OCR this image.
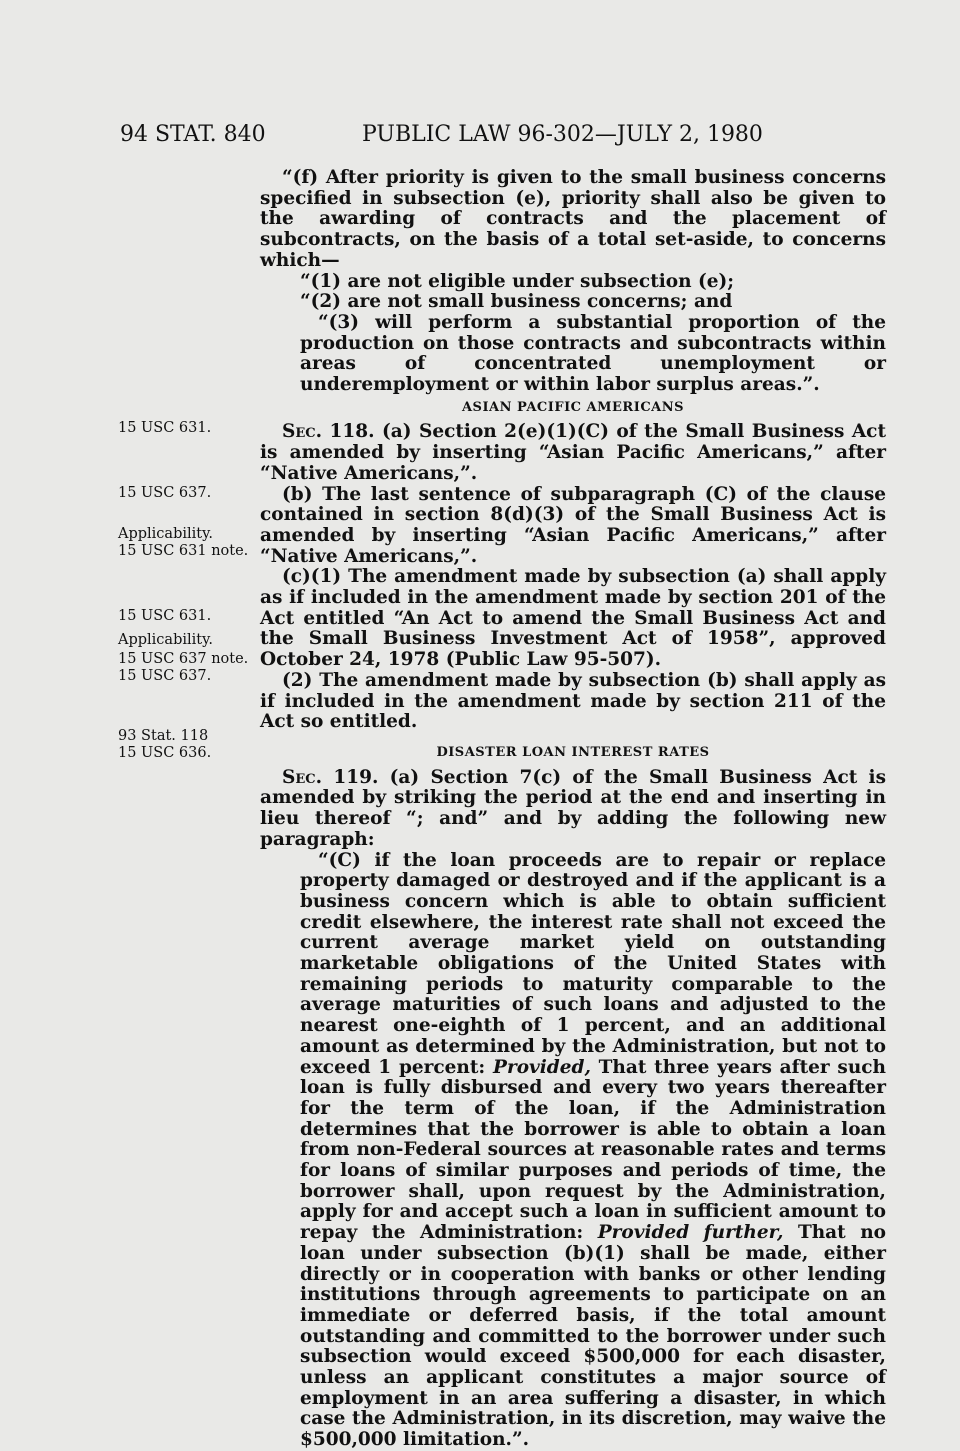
94 STAT. 840	PUBLIC LAW 96-302—JULY 2, 1980
15 USC 631.
15 USC 637.
Applicability.
15 USC 631 note.
15 USC 631.
Applicability.
15 USC 637 note.
15 USC 637.
93 Stat. 118
15 USC 636.

“(f) After priority is given to the small business concerns specified in subsection (e), priority shall also be given to the awarding of contracts and the placement of subcontracts, on the basis of a total set-aside, to concerns which—

“(1) are not eligible under subsection (e);

“(2) are not small business concerns; and

“(3) will perform a substantial proportion of the production on those contracts and subcontracts within areas of concentrated unemployment or underemployment or within labor surplus areas.”.

ASIAN PACIFIC AMERICANS

Sec. 118. (a) Section 2(e)(1)(C) of the Small Business Act is amended by inserting “Asian Pacific Americans,” after “Native Americans,”.

(b) The last sentence of subparagraph (C) of the clause contained in section 8(d)(3) of the Small Business Act is amended by inserting “Asian Pacific Americans,” after “Native Americans,”.

(c)(1) The amendment made by subsection (a) shall apply as if included in the amendment made by section 201 of the Act entitled “An Act to amend the Small Business Act and the Small Business Investment Act of 1958”, approved October 24, 1978 (Public Law 95-507).

(2) The amendment made by subsection (b) shall apply as if included in the amendment made by section 211 of the Act so entitled.

DISASTER LOAN INTEREST RATES

Sec. 119. (a) Section 7(c) of the Small Business Act is amended by striking the period at the end and inserting in lieu thereof “; and” and by adding the following new paragraph:

“(C) if the loan proceeds are to repair or replace property damaged or destroyed and if the applicant is a business concern which is able to obtain sufficient credit elsewhere, the interest rate shall not exceed the current average market yield on outstanding marketable obligations of the United States with remaining periods to maturity comparable to the average maturities of such loans and adjusted to the nearest one-eighth of 1 percent, and an additional amount as determined by the Administration, but not to exceed 1 percent: Provided, That three years after such loan is fully disbursed and every two years thereafter for the term of the loan, if the Administration determines that the borrower is able to obtain a loan from non-Federal sources at reasonable rates and terms for loans of similar purposes and periods of time, the borrower shall, upon request by the Administration, apply for and accept such a loan in sufficient amount to repay the Administration: Provided further, That no loan under subsection (b)(1) shall be made, either directly or in cooperation with banks or other lending institutions through agreements to participate on an immediate or deferred basis, if the total amount outstanding and committed to the borrower under such subsection would exceed $500,000 for each disaster, unless an applicant constitutes a major source of employment in an area suffering a disaster, in which case the Administration, in its discretion, may waive the $500,000 limitation.”.
